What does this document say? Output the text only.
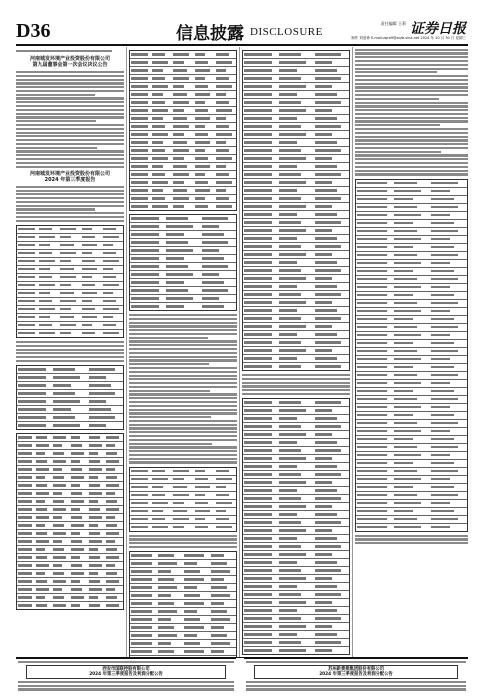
D36	信息披露 DISCLOSURE
责任编辑 王莉
制作 刘爱珍 E-mail:zqrb9@zqrb.sina.net 2024 年 10 月 30 日 星期三
证券日报
河南城发环境产业投资股份有限公司
第九届董事会第一次会议决议公告
河南城发环境产业投资股份有限公司
2024 年第三季度报告
西安市国联控股有限公司
2024 年第三季度报告及利润分配公告
苏州新黄燕集团股份有限公司
2024 年第三季度报告及利润分配公告
